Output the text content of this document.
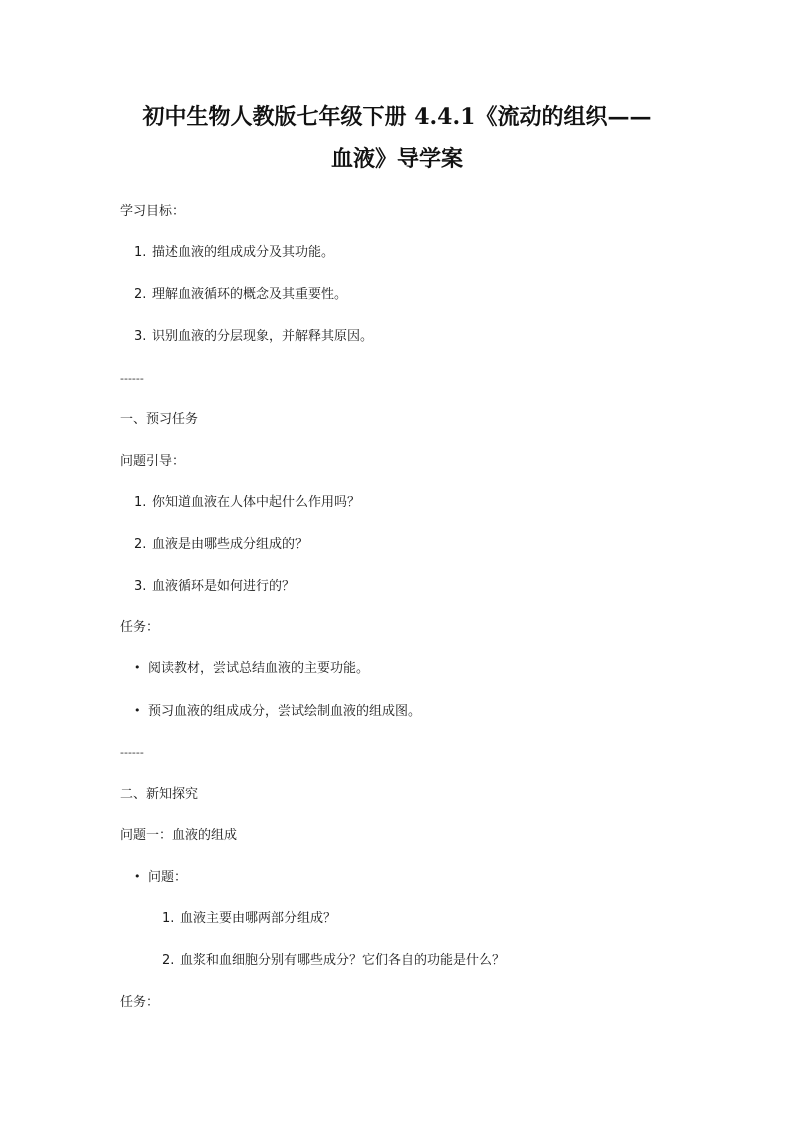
初中生物人教版七年级下册 4.4.1《流动的组织——
血液》导学案
学习目标：
1. 描述血液的组成成分及其功能。
2. 理解血液循环的概念及其重要性。
3. 识别血液的分层现象，并解释其原因。
------
一、预习任务
问题引导：
1. 你知道血液在人体中起什么作用吗？
2. 血液是由哪些成分组成的？
3. 血液循环是如何进行的？
任务：
• 阅读教材，尝试总结血液的主要功能。
• 预习血液的组成成分，尝试绘制血液的组成图。
------
二、新知探究
问题一：血液的组成
• 问题：
1. 血液主要由哪两部分组成？
2. 血浆和血细胞分别有哪些成分？它们各自的功能是什么？
任务：
